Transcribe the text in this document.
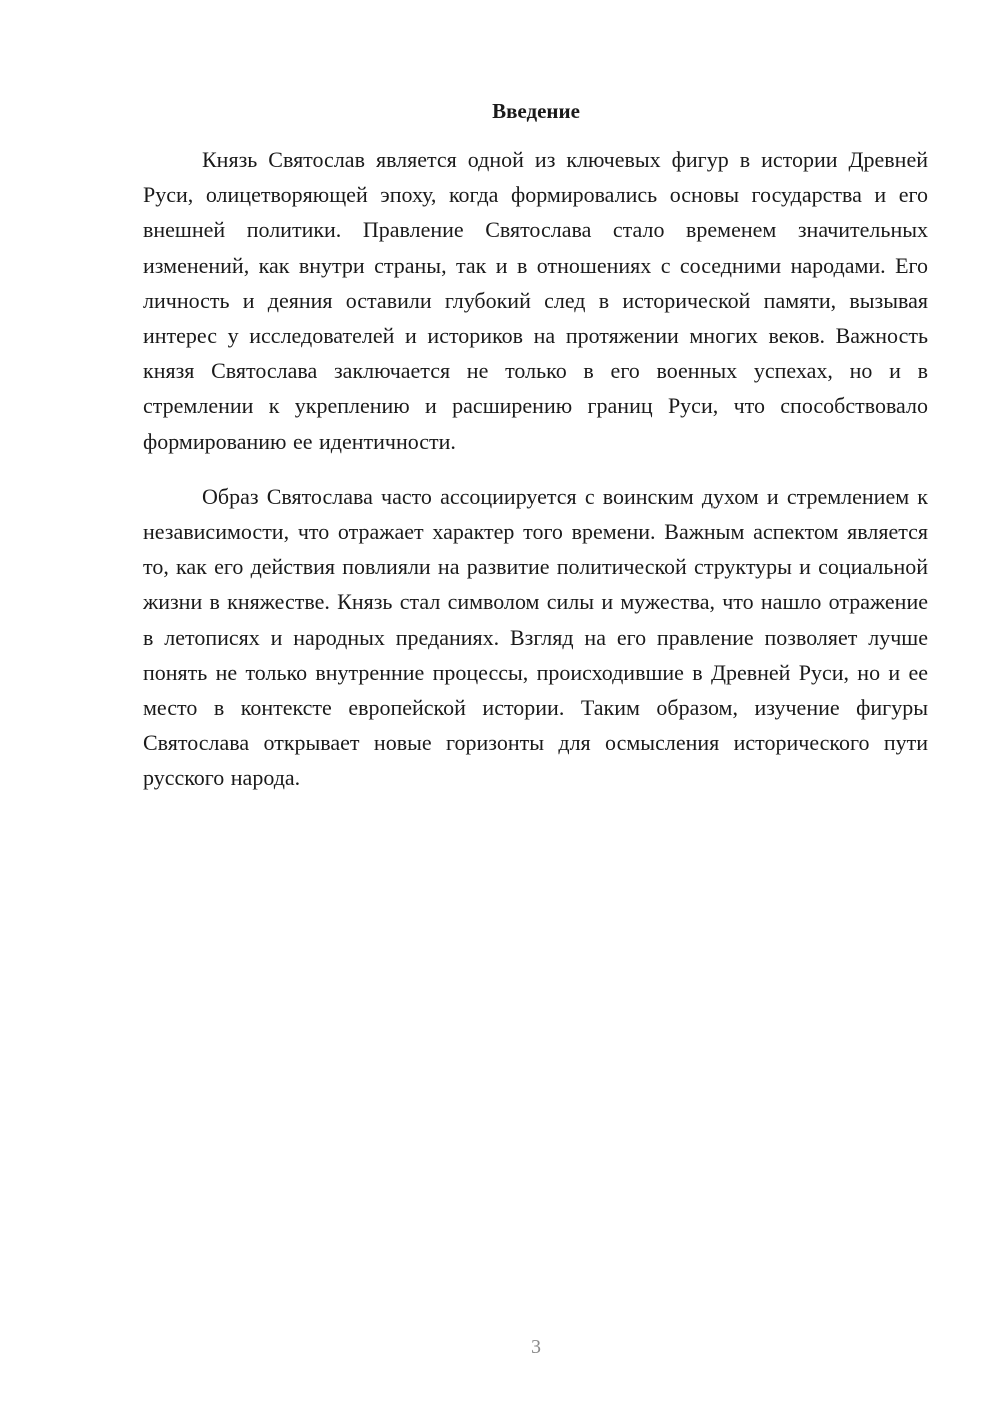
Введение

Князь Святослав является одной из ключевых фигур в истории Древней Руси, олицетворяющей эпоху, когда формировались основы государства и его внешней политики. Правление Святослава стало временем значительных изменений, как внутри страны, так и в отношениях с соседними народами. Его личность и деяния оставили глубокий след в исторической памяти, вызывая интерес у исследователей и историков на протяжении многих веков. Важность князя Святослава заключается не только в его военных успехах, но и в стремлении к укреплению и расширению границ Руси, что способствовало формированию ее идентичности.

Образ Святослава часто ассоциируется с воинским духом и стремлением к независимости, что отражает характер того времени. Важным аспектом является то, как его действия повлияли на развитие политической структуры и социальной жизни в княжестве. Князь стал символом силы и мужества, что нашло отражение в летописях и народных преданиях. Взгляд на его правление позволяет лучше понять не только внутренние процессы, происходившие в Древней Руси, но и ее место в контексте европейской истории. Таким образом, изучение фигуры Святослава открывает новые горизонты для осмысления исторического пути русского народа.

3
